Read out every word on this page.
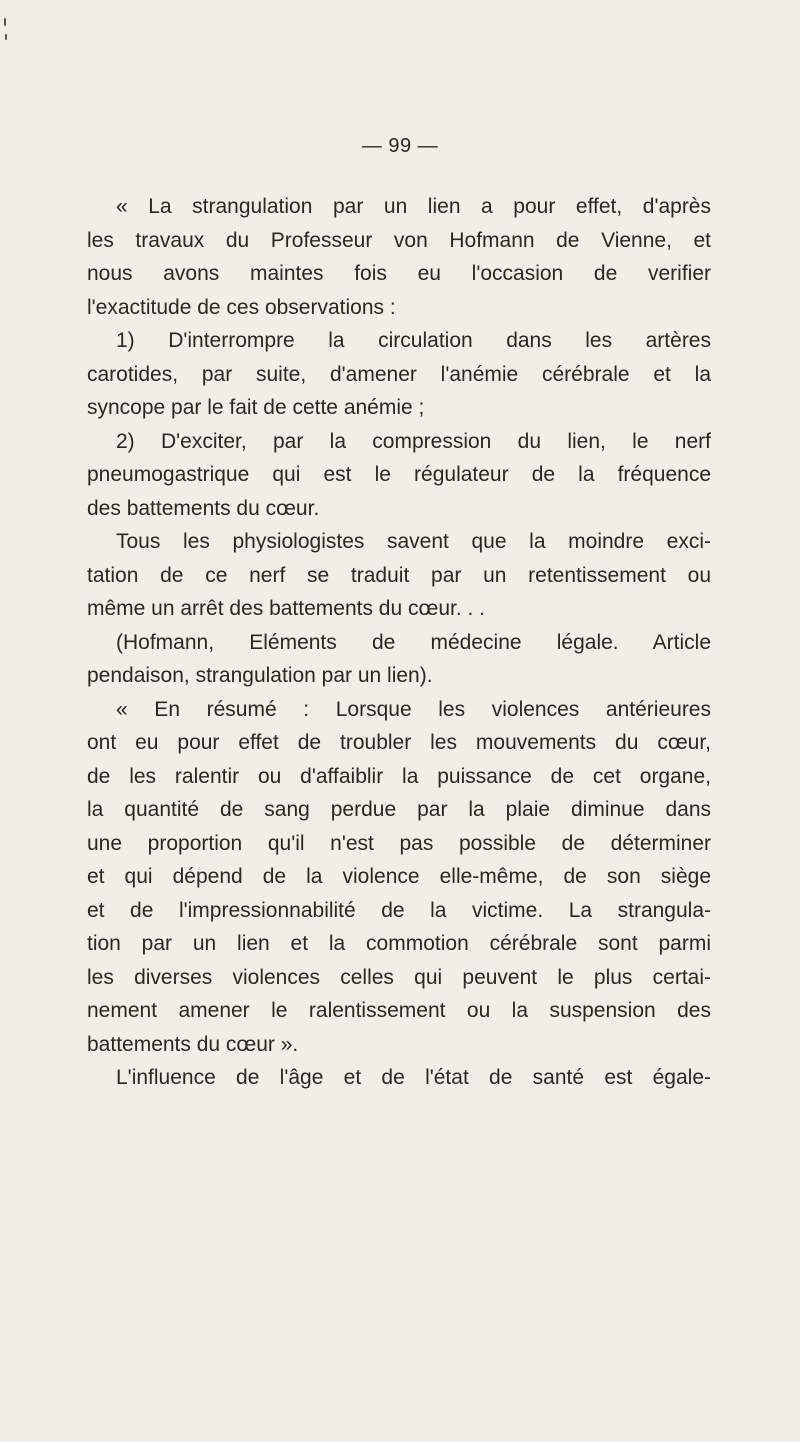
— 99 —
« La strangulation par un lien a pour effet, d'après
les travaux du Professeur von Hofmann de Vienne, et
nous avons maintes fois eu l'occasion de verifier
l'exactitude de ces observations :
1) D'interrompre la circulation dans les artères
carotides, par suite, d'amener l'anémie cérébrale et la
syncope par le fait de cette anémie ;
2) D'exciter, par la compression du lien, le nerf
pneumogastrique qui est le régulateur de la fréquence
des battements du cœur.
Tous les physiologistes savent que la moindre exci-
tation de ce nerf se traduit par un retentissement ou
même un arrêt des battements du cœur. . .
(Hofmann, Eléments de médecine légale. Article
pendaison, strangulation par un lien).
« En résumé : Lorsque les violences antérieures
ont eu pour effet de troubler les mouvements du cœur,
de les ralentir ou d'affaiblir la puissance de cet organe,
la quantité de sang perdue par la plaie diminue dans
une proportion qu'il n'est pas possible de déterminer
et qui dépend de la violence elle-même, de son siège
et de l'impressionnabilité de la victime. La strangula-
tion par un lien et la commotion cérébrale sont parmi
les diverses violences celles qui peuvent le plus certai-
nement amener le ralentissement ou la suspension des
battements du cœur ».
L'influence de l'âge et de l'état de santé est égale-
